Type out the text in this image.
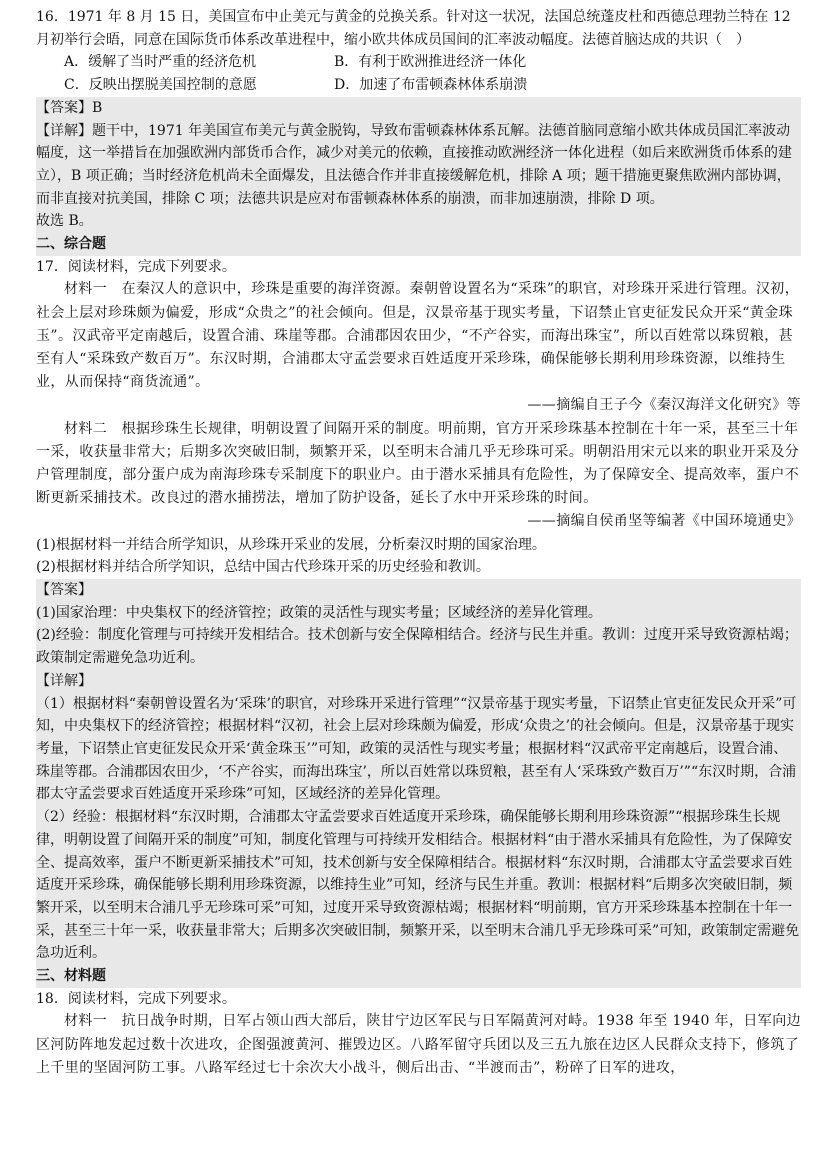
16．1971 年 8 月 15 日，美国宣布中止美元与黄金的兑换关系。针对这一状况，法国总统蓬皮杜和西德总理勃兰特在 12 月初举行会晤，同意在国际货币体系改革进程中，缩小欧共体成员国间的汇率波动幅度。法德首脑达成的共识（　）
A．缓解了当时严重的经济危机	B．有利于欧洲推进经济一体化
C．反映出摆脱美国控制的意愿	D．加速了布雷顿森林体系崩溃
【答案】B
【详解】题干中，1971 年美国宣布美元与黄金脱钩，导致布雷顿森林体系瓦解。法德首脑同意缩小欧共体成员国汇率波动幅度，这一举措旨在加强欧洲内部货币合作，减少对美元的依赖，直接推动欧洲经济一体化进程（如后来欧洲货币体系的建立），B 项正确；当时经济危机尚未全面爆发，且法德合作并非直接缓解危机，排除 A 项；题干措施更聚焦欧洲内部协调，而非直接对抗美国，排除 C 项；法德共识是应对布雷顿森林体系的崩溃，而非加速崩溃，排除 D 项。
故选 B。
二、综合题
17．阅读材料，完成下列要求。
材料一　在秦汉人的意识中，珍珠是重要的海洋资源。秦朝曾设置名为“采珠”的职官，对珍珠开采进行管理。汉初，社会上层对珍珠颇为偏爱，形成“众贵之”的社会倾向。但是，汉景帝基于现实考量，下诏禁止官吏征发民众开采“黄金珠玉”。汉武帝平定南越后，设置合浦、珠崖等郡。合浦郡因农田少，“不产谷实，而海出珠宝”，所以百姓常以珠贸粮，甚至有人“采珠致产数百万”。东汉时期，合浦郡太守孟尝要求百姓适度开采珍珠，确保能够长期利用珍珠资源，以维持生业，从而保持“商货流通”。
——摘编自王子今《秦汉海洋文化研究》等
材料二　根据珍珠生长规律，明朝设置了间隔开采的制度。明前期，官方开采珍珠基本控制在十年一采，甚至三十年一采，收获量非常大；后期多次突破旧制，频繁开采，以至明末合浦几乎无珍珠可采。明朝沿用宋元以来的职业开采及分户管理制度，部分蛋户成为南海珍珠专采制度下的职业户。由于潜水采捕具有危险性，为了保障安全、提高效率，蛋户不断更新采捕技术。改良过的潜水捕捞法，增加了防护设备，延长了水中开采珍珠的时间。
——摘编自侯甬坚等编著《中国环境通史》
(1)根据材料一并结合所学知识，从珍珠开采业的发展，分析秦汉时期的国家治理。
(2)根据材料并结合所学知识，总结中国古代珍珠开采的历史经验和教训。
【答案】
(1)国家治理：中央集权下的经济管控；政策的灵活性与现实考量；区域经济的差异化管理。
(2)经验：制度化管理与可持续开发相结合。技术创新与安全保障相结合。经济与民生并重。教训：过度开采导致资源枯竭；政策制定需避免急功近利。
【详解】
（1）根据材料“秦朝曾设置名为‘采珠’的职官，对珍珠开采进行管理”“汉景帝基于现实考量，下诏禁止官吏征发民众开采”可知，中央集权下的经济管控；根据材料“汉初，社会上层对珍珠颇为偏爱，形成‘众贵之’的社会倾向。但是，汉景帝基于现实考量，下诏禁止官吏征发民众开采‘黄金珠玉’”可知，政策的灵活性与现实考量；根据材料“汉武帝平定南越后，设置合浦、珠崖等郡。合浦郡因农田少，‘不产谷实，而海出珠宝’，所以百姓常以珠贸粮，甚至有人‘采珠致产数百万’”“东汉时期，合浦郡太守孟尝要求百姓适度开采珍珠”可知，区域经济的差异化管理。
（2）经验：根据材料“东汉时期，合浦郡太守孟尝要求百姓适度开采珍珠，确保能够长期利用珍珠资源”“根据珍珠生长规律，明朝设置了间隔开采的制度”可知，制度化管理与可持续开发相结合。根据材料“由于潜水采捕具有危险性，为了保障安全、提高效率，蛋户不断更新采捕技术”可知，技术创新与安全保障相结合。根据材料“东汉时期，合浦郡太守孟尝要求百姓适度开采珍珠，确保能够长期利用珍珠资源，以维持生业”可知，经济与民生并重。教训：根据材料“后期多次突破旧制，频繁开采，以至明末合浦几乎无珍珠可采”可知，过度开采导致资源枯竭；根据材料“明前期，官方开采珍珠基本控制在十年一采，甚至三十年一采，收获量非常大；后期多次突破旧制，频繁开采，以至明末合浦几乎无珍珠可采”可知，政策制定需避免急功近利。
三、材料题
18．阅读材料，完成下列要求。
材料一　抗日战争时期，日军占领山西大部后，陕甘宁边区军民与日军隔黄河对峙。1938 年至 1940 年，日军向边区河防阵地发起过数十次进攻，企图强渡黄河、摧毁边区。八路军留守兵团以及三五九旅在边区人民群众支持下，修筑了上千里的坚固河防工事。八路军经过七十余次大小战斗，侧后出击、“半渡而击”，粉碎了日军的进攻，
